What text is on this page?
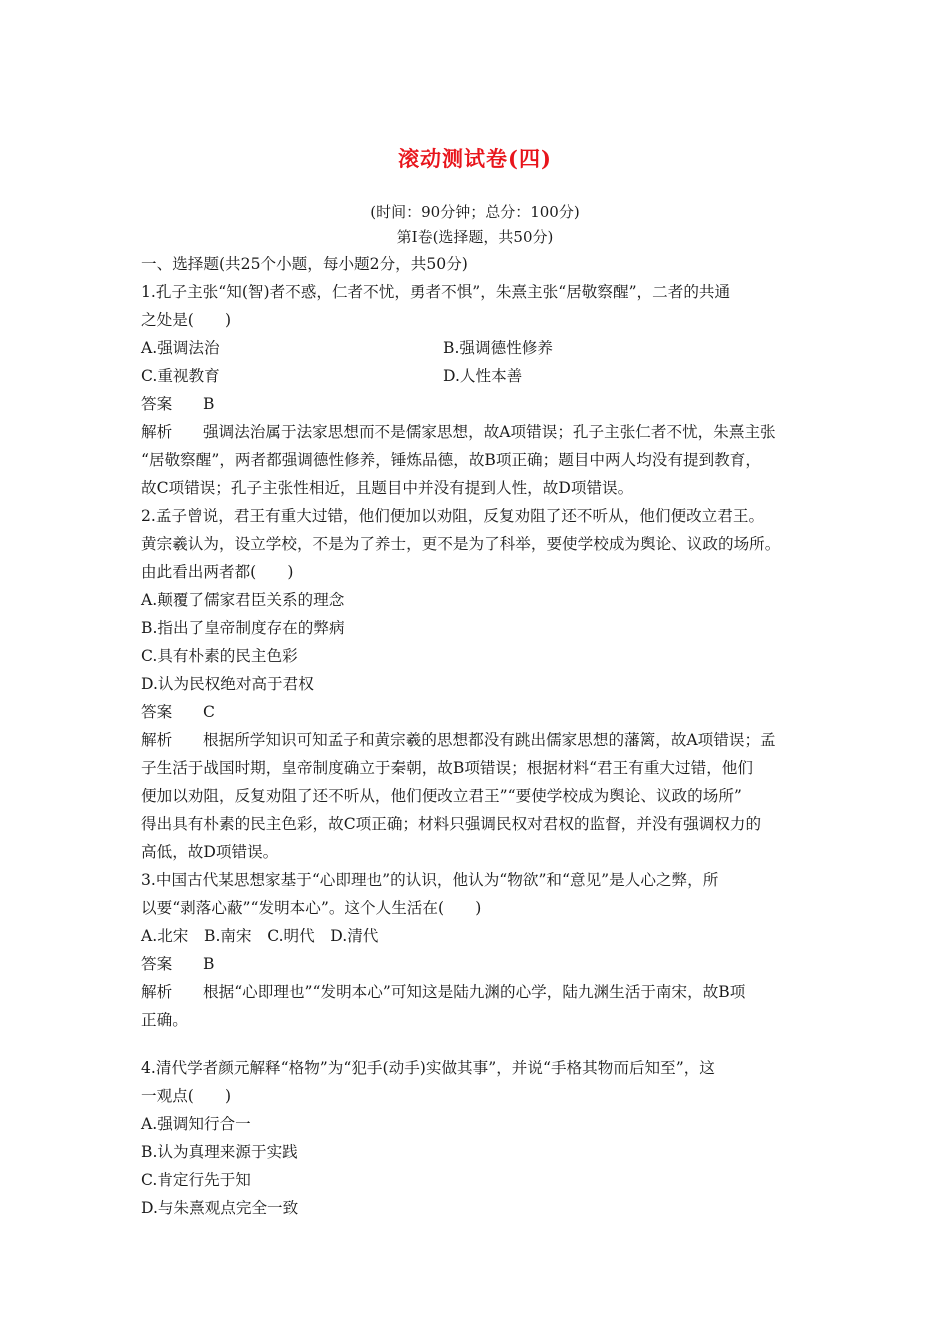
滚动测试卷(四)
(时间：90分钟；总分：100分)
第Ⅰ卷(选择题，共50分)
一、选择题(共25个小题，每小题2分，共50分)
1.孔子主张“知(智)者不惑，仁者不忧，勇者不惧”，朱熹主张“居敬察醒”，二者的共通
之处是(　　)
A.强调法治	B.强调德性修养
C.重视教育	D.人性本善
答案 B
解析 强调法治属于法家思想而不是儒家思想，故A项错误；孔子主张仁者不忧，朱熹主张
“居敬察醒”，两者都强调德性修养，锤炼品德，故B项正确；题目中两人均没有提到教育，
故C项错误；孔子主张性相近，且题目中并没有提到人性，故D项错误。
2.孟子曾说，君王有重大过错，他们便加以劝阻，反复劝阻了还不听从，他们便改立君王。
黄宗羲认为，设立学校，不是为了养士，更不是为了科举，要使学校成为舆论、议政的场所。
由此看出两者都(　　)
A.颠覆了儒家君臣关系的理念
B.指出了皇帝制度存在的弊病
C.具有朴素的民主色彩
D.认为民权绝对高于君权
答案 C
解析 根据所学知识可知孟子和黄宗羲的思想都没有跳出儒家思想的藩篱，故A项错误；孟
子生活于战国时期，皇帝制度确立于秦朝，故B项错误；根据材料“君王有重大过错，他们
便加以劝阻，反复劝阻了还不听从，他们便改立君王”“要使学校成为舆论、议政的场所”
得出具有朴素的民主色彩，故C项正确；材料只强调民权对君权的监督，并没有强调权力的
高低，故D项错误。
3.中国古代某思想家基于“心即理也”的认识，他认为“物欲”和“意见”是人心之弊，所
以要“剥落心蔽”“发明本心”。这个人生活在(　　)
A.北宋　B.南宋　C.明代　D.清代
答案 B
解析 根据“心即理也”“发明本心”可知这是陆九渊的心学，陆九渊生活于南宋，故B项
正确。
4.清代学者颜元解释“格物”为“犯手(动手)实做其事”，并说“手格其物而后知至”，这
一观点(　　)
A.强调知行合一
B.认为真理来源于实践
C.肯定行先于知
D.与朱熹观点完全一致
